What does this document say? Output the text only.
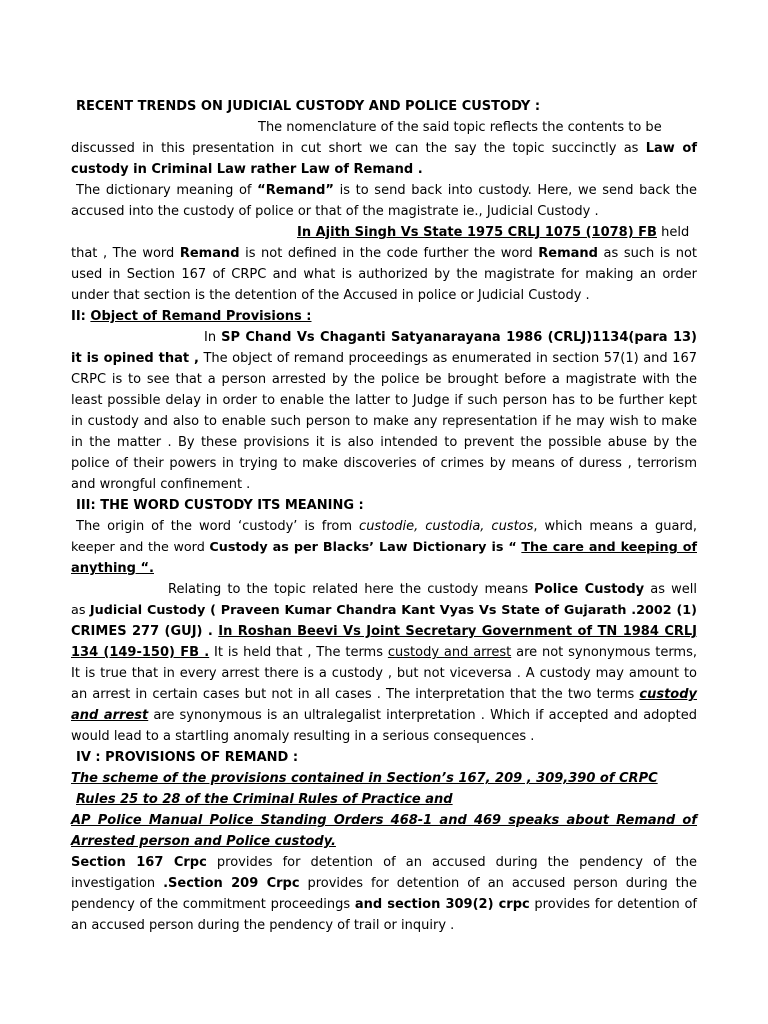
RECENT TRENDS ON JUDICIAL CUSTODY AND POLICE CUSTODY :
The nomenclature of the said topic reflects the contents to be
discussed in this presentation in cut short we can the say the topic succinctly as Law of
custody in Criminal Law rather Law of Remand .
The dictionary meaning of “Remand” is to send back into custody. Here, we send back the
accused into the custody of police or that of the magistrate ie., Judicial Custody .
In Ajith Singh Vs State 1975 CRLJ 1075 (1078) FB held
that , The word Remand is not defined in the code further the word Remand as such is not
used in Section 167 of CRPC and what is authorized by the magistrate for making an order
under that section is the detention of the Accused in police or Judicial Custody .
II: Object of Remand Provisions :
In SP Chand Vs Chaganti Satyanarayana 1986 (CRLJ)1134(para 13)
it is opined that , The object of remand proceedings as enumerated in section 57(1) and 167
CRPC is to see that a person arrested by the police be brought before a magistrate with the
least possible delay in order to enable the latter to Judge if such person has to be further kept
in custody and also to enable such person to make any representation if he may wish to make
in the matter . By these provisions it is also intended to prevent the possible abuse by the
police of their powers in trying to make discoveries of crimes by means of duress , terrorism
and wrongful confinement .
III: THE WORD CUSTODY ITS MEANING :
The origin of the word ‘custody’ is from custodie, custodia, custos, which means a guard,
keeper and the word Custody as per Blacks’ Law Dictionary is “ The care and keeping of
anything “.
Relating to the topic related here the custody means Police Custody as well
as Judicial Custody ( Praveen Kumar Chandra Kant Vyas Vs State of Gujarath .2002 (1)
CRIMES 277 (GUJ) . In Roshan Beevi Vs Joint Secretary Government of TN 1984 CRLJ
134 (149-150) FB . It is held that , The terms custody and arrest are not synonymous terms,
It is true that in every arrest there is a custody , but not viceversa . A custody may amount to
an arrest in certain cases but not in all cases . The interpretation that the two terms custody
and arrest are synonymous is an ultralegalist interpretation . Which if accepted and adopted
would lead to a startling anomaly resulting in a serious consequences .
IV : PROVISIONS OF REMAND :
The scheme of the provisions contained in Section’s 167, 209 , 309,390 of CRPC
Rules 25 to 28 of the Criminal Rules of Practice and
AP Police Manual Police Standing Orders 468-1 and 469 speaks about Remand of
Arrested person and Police custody.
Section 167 Crpc provides for detention of an accused during the pendency of the
investigation .Section 209 Crpc provides for detention of an accused person during the
pendency of the commitment proceedings and section 309(2) crpc provides for detention of
an accused person during the pendency of trail or inquiry .
